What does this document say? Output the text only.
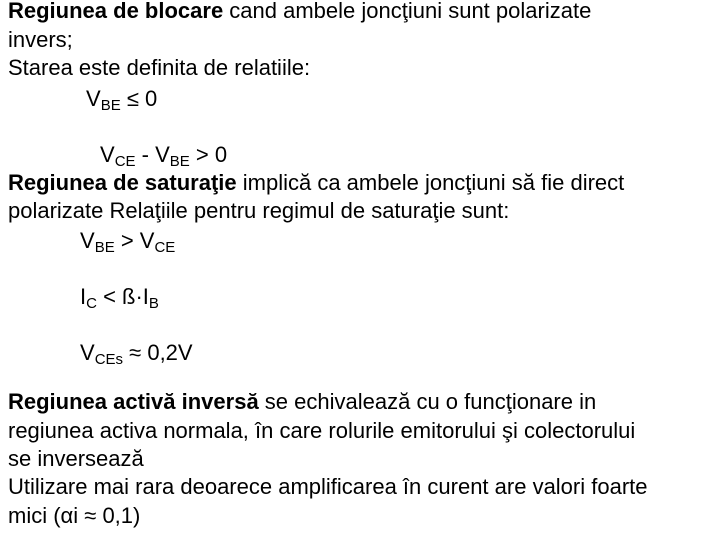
Regiunea de blocare cand ambele joncţiuni sunt polarizate
invers;
Starea este definita de relatiile:
$V_{BE} \le 0$
$V_{CE} - V_{BE} > 0$
Regiunea de saturaţie implică ca ambele joncţiuni să fie direct
polarizate Relaţiile pentru regimul de saturaţie sunt:
$V_{BE} > V_{CE}$
$I_C$ < $ß\cdot I_B$
$V_{CEs} \approx 0,2V$
Regiunea activă inversă se echivalează cu o funcţionare in
regiunea activa normala, în care rolurile emitorului şi colectorului
se inversează
Utilizare mai rara deoarece amplificarea în curent are valori foarte
mici (αi ≈ 0,1)
